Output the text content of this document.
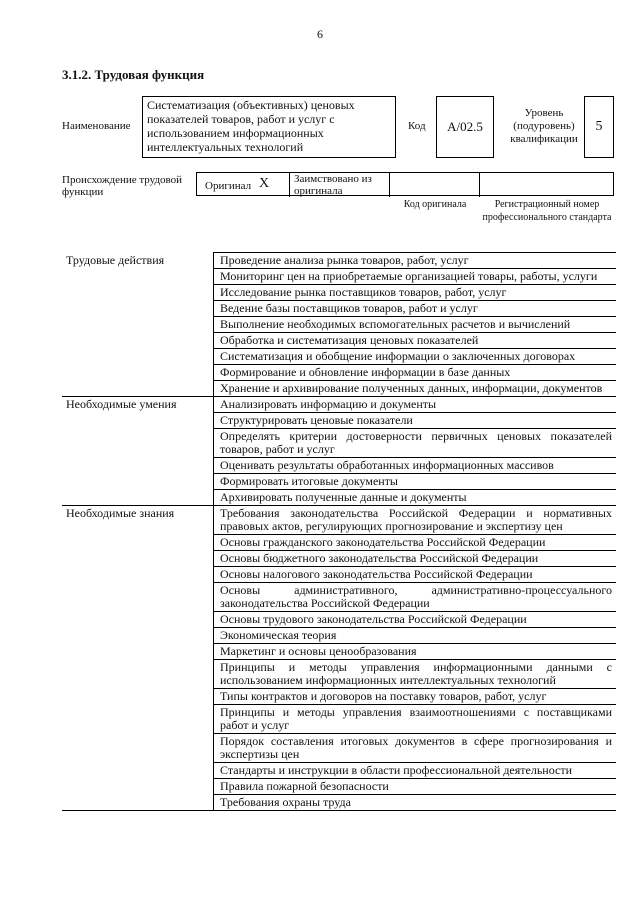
6
3.1.2. Трудовая функция
Наименование
Систематизация (объективных) ценовых показателей товаров, работ и услуг с использованием информационных интеллектуальных технологий
Код А/02.5
Уровень (подуровень) квалификации
5
Происхождение трудовой функции	Оригинал X Заимствовано из оригинала
Код оригинала	Регистрационный номер профессионального стандарта
Трудовые действия	Проведение анализа рынка товаров, работ, услуг
	Мониторинг цен на приобретаемые организацией товары, работы, услуги
	Исследование рынка поставщиков товаров, работ, услуг
	Ведение базы поставщиков товаров, работ и услуг
	Выполнение необходимых вспомогательных расчетов и вычислений
	Обработка и систематизация ценовых показателей
	Систематизация и обобщение информации о заключенных договорах
	Формирование и обновление информации в базе данных
	Хранение и архивирование полученных данных, информации, документов
Необходимые умения	Анализировать информацию и документы
	Структурировать ценовые показатели
	Определять критерии достоверности первичных ценовых показателей товаров, работ и услуг
	Оценивать результаты обработанных информационных массивов
	Формировать итоговые документы
	Архивировать полученные данные и документы
Необходимые знания	Требования законодательства Российской Федерации и нормативных правовых актов, регулирующих прогнозирование и экспертизу цен
	Основы гражданского законодательства Российской Федерации
	Основы бюджетного законодательства Российской Федерации
	Основы налогового законодательства Российской Федерации
	Основы административного, административно-процессуального законодательства Российской Федерации
	Основы трудового законодательства Российской Федерации
	Экономическая теория
	Маркетинг и основы ценообразования
	Принципы и методы управления информационными данными с использованием информационных интеллектуальных технологий
	Типы контрактов и договоров на поставку товаров, работ, услуг
	Принципы и методы управления взаимоотношениями с поставщиками работ и услуг
	Порядок составления итоговых документов в сфере прогнозирования и экспертизы цен
	Стандарты и инструкции в области профессиональной деятельности
	Правила пожарной безопасности
	Требования охраны труда
